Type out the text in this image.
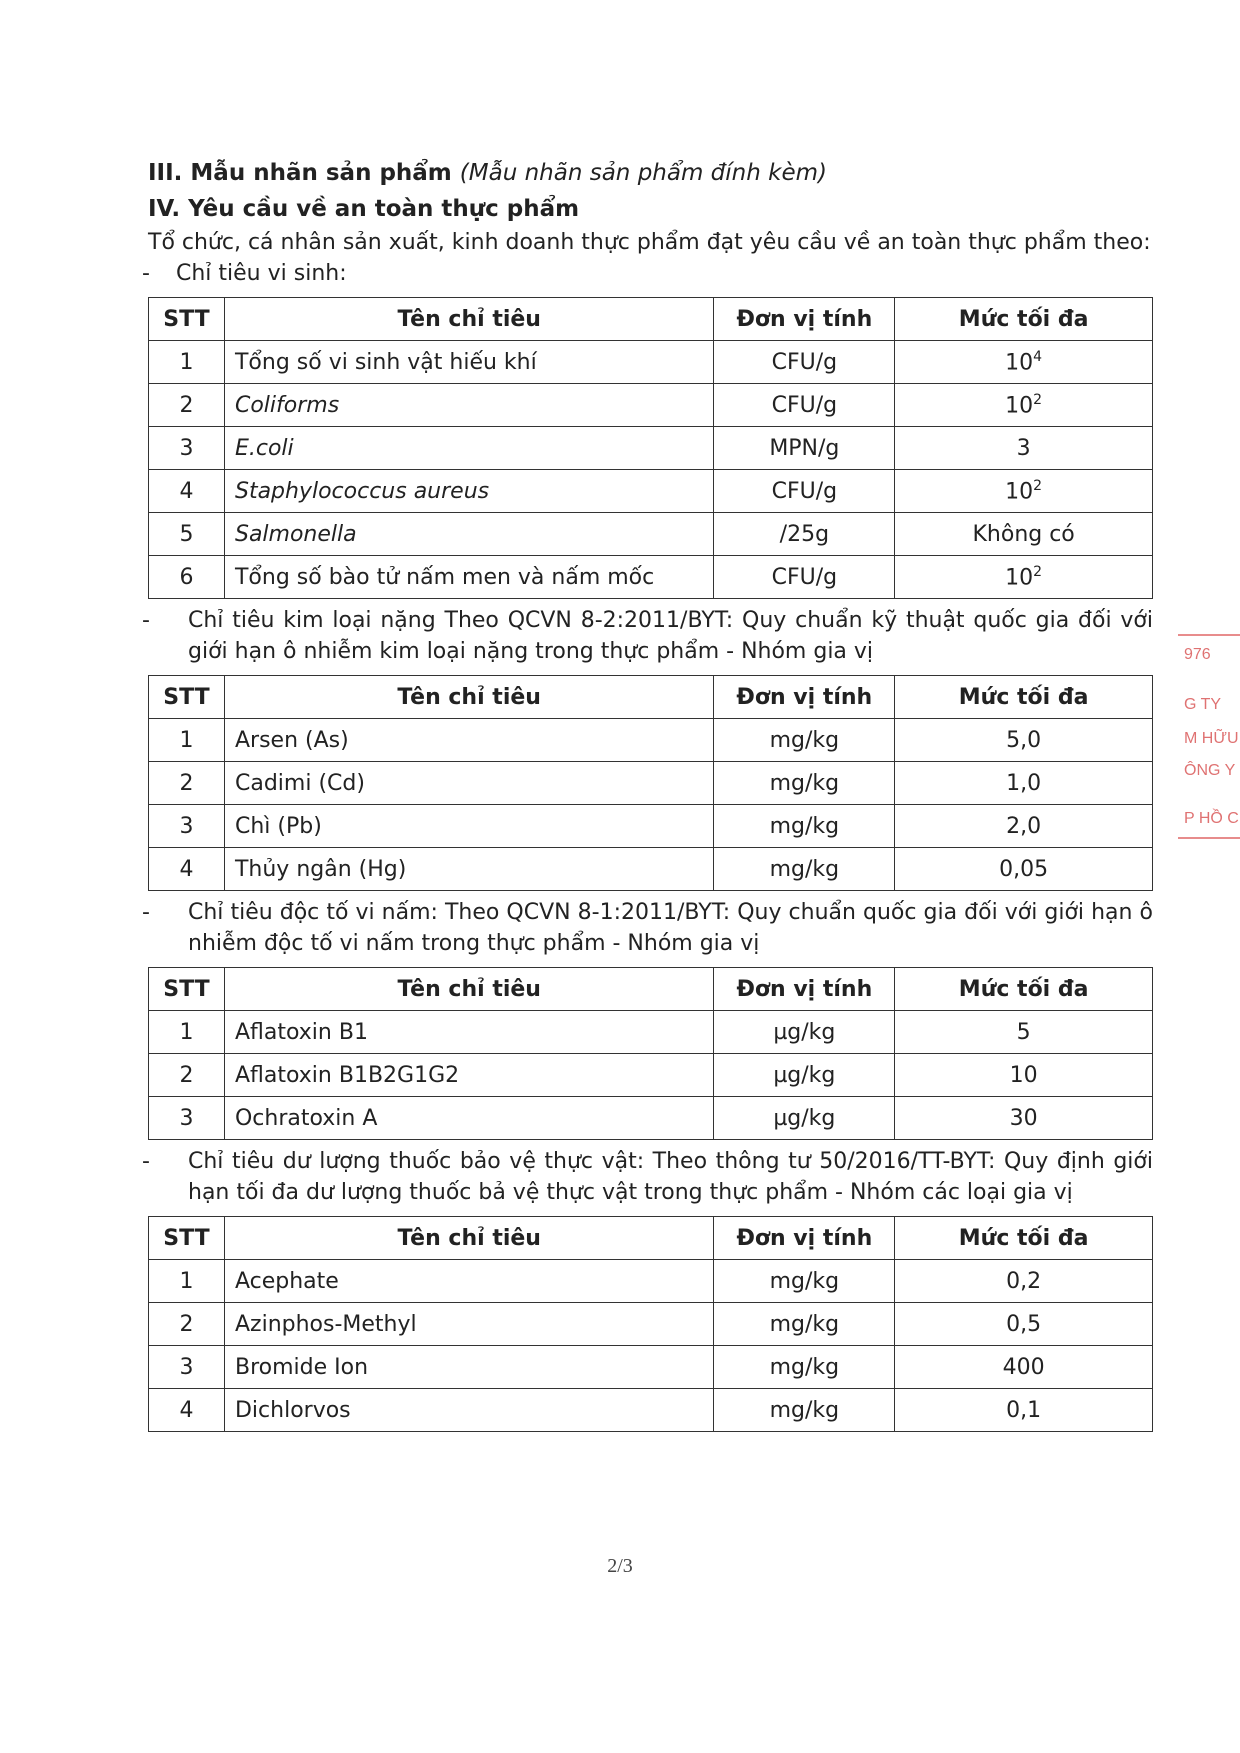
III. Mẫu nhãn sản phẩm (Mẫu nhãn sản phẩm đính kèm)

IV. Yêu cầu về an toàn thực phẩm

Tổ chức, cá nhân sản xuất, kinh doanh thực phẩm đạt yêu cầu về an toàn thực phẩm theo:

- Chỉ tiêu vi sinh:
STT	Tên chỉ tiêu	Đơn vị tính	Mức tối đa
1	Tổng số vi sinh vật hiếu khí	CFU/g	$10^4$
2	Coliforms	CFU/g	$10^2$
3	E.coli	MPN/g	3
4	Staphylococcus aureus	CFU/g	$10^2$
5	Salmonella	/25g	Không có
6	Tổng số bào tử nấm men và nấm mốc	CFU/g	$10^2$
- Chỉ tiêu kim loại nặng Theo QCVN 8-2:2011/BYT: Quy chuẩn kỹ thuật quốc gia đối với giới hạn ô nhiễm kim loại nặng trong thực phẩm - Nhóm gia vị
STT	Tên chỉ tiêu	Đơn vị tính	Mức tối đa
1	Arsen (As)	mg/kg	5,0
2	Cadimi (Cd)	mg/kg	1,0
3	Chì (Pb)	mg/kg	2,0
4	Thủy ngân (Hg)	mg/kg	0,05
- Chỉ tiêu độc tố vi nấm: Theo QCVN 8-1:2011/BYT: Quy chuẩn quốc gia đối với giới hạn ô nhiễm độc tố vi nấm trong thực phẩm - Nhóm gia vị
STT	Tên chỉ tiêu	Đơn vị tính	Mức tối đa
1	Aflatoxin B1	µg/kg	5
2	Aflatoxin B1B2G1G2	µg/kg	10
3	Ochratoxin A	µg/kg	30
- Chỉ tiêu dư lượng thuốc bảo vệ thực vật: Theo thông tư 50/2016/TT-BYT: Quy định giới hạn tối đa dư lượng thuốc bả vệ thực vật trong thực phẩm - Nhóm các loại gia vị
STT	Tên chỉ tiêu	Đơn vị tính	Mức tối đa
1	Acephate	mg/kg	0,2
2	Azinphos-Methyl	mg/kg	0,5
3	Bromide Ion	mg/kg	400
4	Dichlorvos	mg/kg	0,1
976
G TY
M HỮU
ÔNG Y
P HỒ C
2/3
